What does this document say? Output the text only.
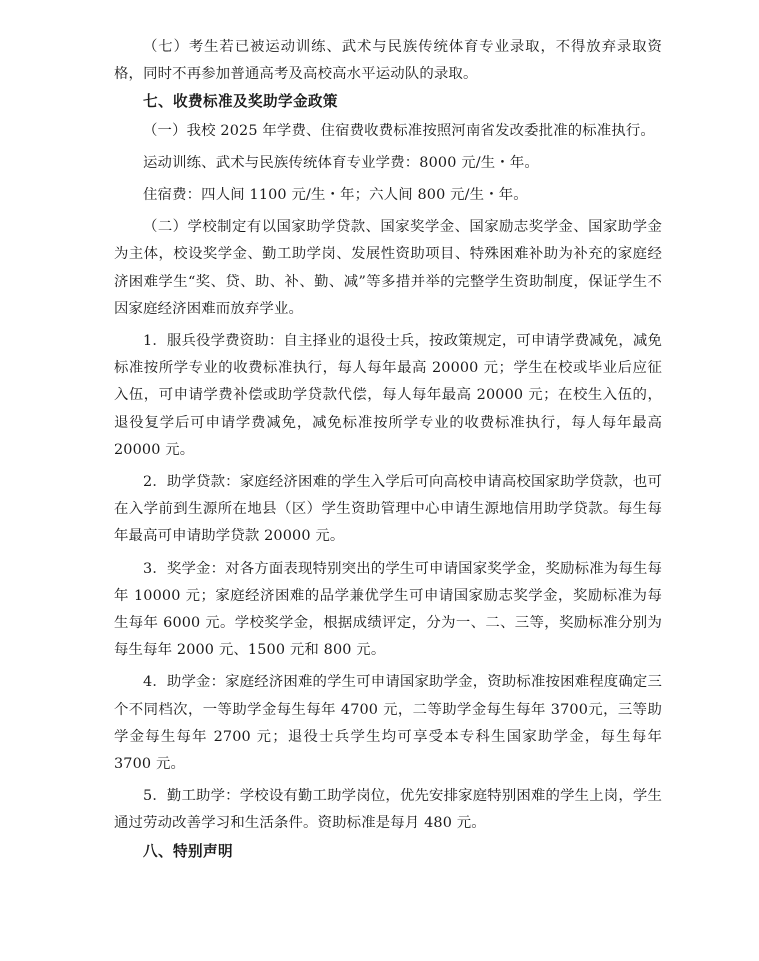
（七）考生若已被运动训练、武术与民族传统体育专业录取，不得放弃录取资格，同时不再参加普通高考及高校高水平运动队的录取。

七、收费标准及奖助学金政策

（一）我校 2025 年学费、住宿费收费标准按照河南省发改委批准的标准执行。

运动训练、武术与民族传统体育专业学费：8000 元/生・年。

住宿费：四人间 1100 元/生・年；六人间 800 元/生・年。

（二）学校制定有以国家助学贷款、国家奖学金、国家励志奖学金、国家助学金为主体，校设奖学金、勤工助学岗、发展性资助项目、特殊困难补助为补充的家庭经济困难学生“奖、贷、助、补、勤、减”等多措并举的完整学生资助制度，保证学生不因家庭经济困难而放弃学业。

1．服兵役学费资助：自主择业的退役士兵，按政策规定，可申请学费减免，减免标准按所学专业的收费标准执行，每人每年最高 20000 元；学生在校或毕业后应征入伍，可申请学费补偿或助学贷款代偿，每人每年最高 20000 元；在校生入伍的，退役复学后可申请学费减免，减免标准按所学专业的收费标准执行，每人每年最高 20000 元。

2．助学贷款：家庭经济困难的学生入学后可向高校申请高校国家助学贷款，也可在入学前到生源所在地县（区）学生资助管理中心申请生源地信用助学贷款。每生每年最高可申请助学贷款 20000 元。

3．奖学金：对各方面表现特别突出的学生可申请国家奖学金，奖励标准为每生每年 10000 元；家庭经济困难的品学兼优学生可申请国家励志奖学金，奖励标准为每生每年 6000 元。学校奖学金，根据成绩评定，分为一、二、三等，奖励标准分别为每生每年 2000 元、1500 元和 800 元。

4．助学金：家庭经济困难的学生可申请国家助学金，资助标准按困难程度确定三个不同档次，一等助学金每生每年 4700 元，二等助学金每生每年 3700元，三等助学金每生每年 2700 元；退役士兵学生均可享受本专科生国家助学金，每生每年 3700 元。

5．勤工助学：学校设有勤工助学岗位，优先安排家庭特别困难的学生上岗，学生通过劳动改善学习和生活条件。资助标准是每月 480 元。

八、特别声明
